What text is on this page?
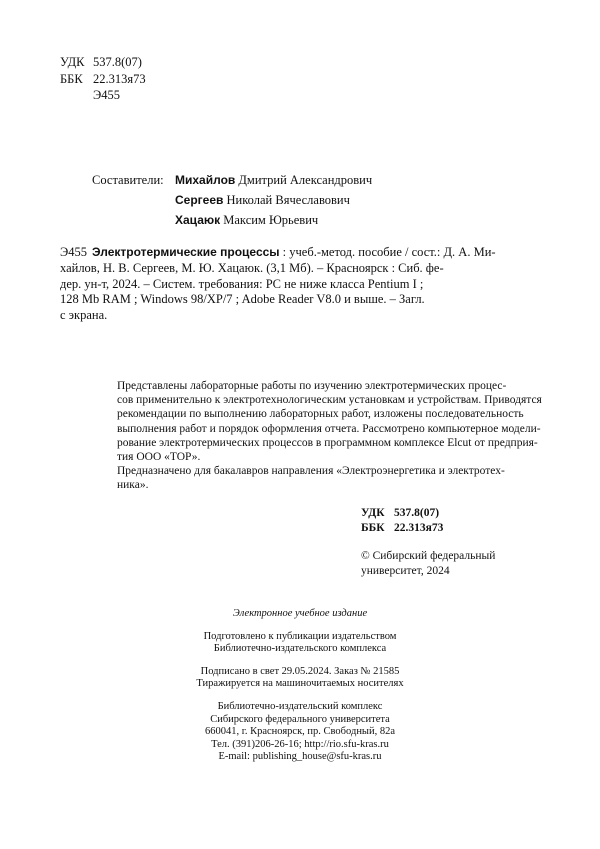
УДК 537.8(07)
ББК 22.313я73
Э455
Составители: Михайлов Дмитрий Александрович
Сергеев Николай Вячеславович
Хацаюк Максим Юрьевич
Э455 Электротермические процессы : учеб.-метод. пособие / сост.: Д. А. Ми-
хайлов, Н. В. Сергеев, М. Ю. Хацаюк. (3,1 Мб). – Красноярск : Сиб. фе-
дер. ун-т, 2024. – Систем. требования: PC не ниже класса Pentium I ;
128 Mb RAM ; Windows 98/XP/7 ; Adobe Reader V8.0 и выше. – Загл.
с экрана.
Представлены лабораторные работы по изучению электротермических процес-
сов применительно к электротехнологическим установкам и устройствам. Приводятся
рекомендации по выполнению лабораторных работ, изложены последовательность
выполнения работ и порядок оформления отчета. Рассмотрено компьютерное модели-
рование электротермических процессов в программном комплексе Elcut от предприя-
тия ООО «ТОР».
Предназначено для бакалавров направления «Электроэнергетика и электротех-
ника».
УДК 537.8(07)
ББК 22.313я73
© Сибирский федеральный
университет, 2024
Электронное учебное издание
Подготовлено к публикации издательством
Библиотечно-издательского комплекса
Подписано в свет 29.05.2024. Заказ № 21585
Тиражируется на машиночитаемых носителях
Библиотечно-издательский комплекс
Сибирского федерального университета
660041, г. Красноярск, пр. Свободный, 82а
Тел. (391)206-26-16; http://rio.sfu-kras.ru
E-mail: publishing_house@sfu-kras.ru
